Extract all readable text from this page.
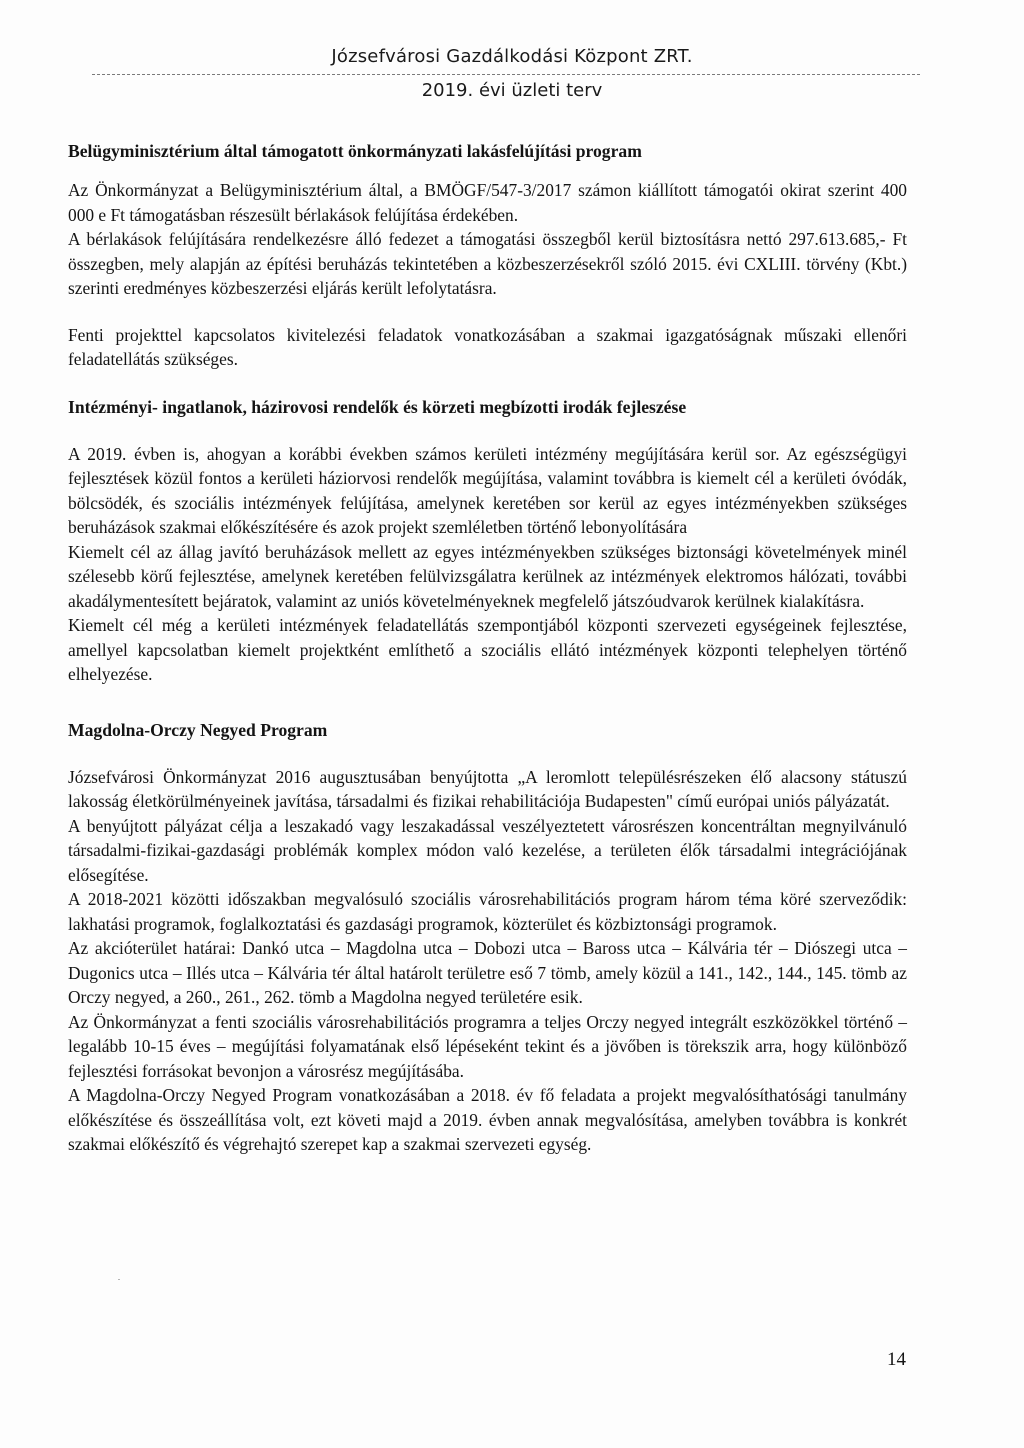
Józsefvárosi Gazdálkodási Központ ZRT.
2019. évi üzleti terv
Belügyminisztérium által támogatott önkormányzati lakásfelújítási program

Az Önkormányzat a Belügyminisztérium által, a BMÖGF/547-3/2017 számon kiállított támogatói okirat szerint 400 000 e Ft támogatásban részesült bérlakások felújítása érdekében.

A bérlakások felújítására rendelkezésre álló fedezet a támogatási összegből kerül biztosításra nettó 297.613.685,- Ft összegben, mely alapján az építési beruházás tekintetében a közbeszerzésekről szóló 2015. évi CXLIII. törvény (Kbt.) szerinti eredményes közbeszerzési eljárás került lefolytatásra.

Fenti projekttel kapcsolatos kivitelezési feladatok vonatkozásában a szakmai igazgatóságnak műszaki ellenőri feladatellátás szükséges.

Intézményi- ingatlanok, házirovosi rendelők és körzeti megbízotti irodák fejleszése

A 2019. évben is, ahogyan a korábbi években számos kerületi intézmény megújítására kerül sor. Az egészségügyi fejlesztések közül fontos a kerületi háziorvosi rendelők megújítása, valamint továbbra is kiemelt cél a kerületi óvódák, bölcsödék, és szociális intézmények felújítása, amelynek keretében sor kerül az egyes intézményekben szükséges beruházások szakmai előkészítésére és azok projekt szemléletben történő lebonyolítására

Kiemelt cél az állag javító beruházások mellett az egyes intézményekben szükséges biztonsági követelmények minél szélesebb körű fejlesztése, amelynek keretében felülvizsgálatra kerülnek az intézmények elektromos hálózati, további akadálymentesített bejáratok, valamint az uniós követelményeknek megfelelő játszóudvarok kerülnek kialakításra.

Kiemelt cél még a kerületi intézmények feladatellátás szempontjából központi szervezeti egységeinek fejlesztése, amellyel kapcsolatban kiemelt projektként említhető a szociális ellátó intézmények központi telephelyen történő elhelyezése.

Magdolna-Orczy Negyed Program

Józsefvárosi Önkormányzat 2016 augusztusában benyújtotta „A leromlott településrészeken élő alacsony státuszú lakosság életkörülményeinek javítása, társadalmi és fizikai rehabilitációja Budapesten" című európai uniós pályázatát.

A benyújtott pályázat célja a leszakadó vagy leszakadással veszélyeztetett városrészen koncentráltan megnyilvánuló társadalmi-fizikai-gazdasági problémák komplex módon való kezelése, a területen élők társadalmi integrációjának elősegítése.

A 2018-2021 közötti időszakban megvalósuló szociális városrehabilitációs program három téma köré szerveződik: lakhatási programok, foglalkoztatási és gazdasági programok, közterület és közbiztonsági programok.

Az akcióterület határai: Dankó utca – Magdolna utca – Dobozi utca – Baross utca – Kálvária tér – Diószegi utca – Dugonics utca – Illés utca – Kálvária tér által határolt területre eső 7 tömb, amely közül a 141., 142., 144., 145. tömb az Orczy negyed, a 260., 261., 262. tömb a Magdolna negyed területére esik.

Az Önkormányzat a fenti szociális városrehabilitációs programra a teljes Orczy negyed integrált eszközökkel történő – legalább 10-15 éves – megújítási folyamatának első lépéseként tekint és a jövőben is törekszik arra, hogy különböző fejlesztési forrásokat bevonjon a városrész megújításába.

A Magdolna-Orczy Negyed Program vonatkozásában a 2018. év fő feladata a projekt megvalósíthatósági tanulmány előkészítése és összeállítása volt, ezt követi majd a 2019. évben annak megvalósítása, amelyben továbbra is konkrét szakmai előkészítő és végrehajtó szerepet kap a szakmai szervezeti egység.

14
